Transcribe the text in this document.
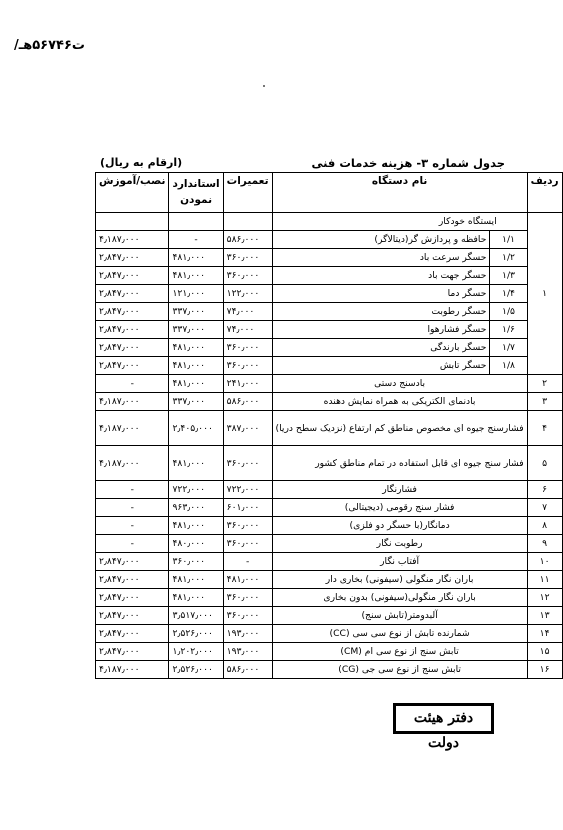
ت۵۶۷۴۶هـ/
جدول شماره ۳- هزینه خدمات فنی
(ارقام به ریال)
ردیف	نام دستگاه		تعمیرات	استاندارد نمودن	نصب/آموزش
۱	ایستگاه خودکار				
	۱/۱	حافظه و پردازش گر(دیتالاگر)	۵۸۶٫۰۰۰	-	۴٫۱۸۷٫۰۰۰
	۱/۲	حسگر سرعت باد	۳۶۰٫۰۰۰	۴۸۱٫۰۰۰	۲٫۸۴۷٫۰۰۰
	۱/۳	حسگر جهت باد	۳۶۰٫۰۰۰	۴۸۱٫۰۰۰	۲٫۸۴۷٫۰۰۰
	۱/۴	حسگر دما	۱۲۲٫۰۰۰	۱۲۱٫۰۰۰	۲٫۸۴۷٫۰۰۰
	۱/۵	حسگر رطوبت	۷۴٫۰۰۰	۳۳۷٫۰۰۰	۲٫۸۴۷٫۰۰۰
	۱/۶	حسگر فشارهوا	۷۴٫۰۰۰	۳۳۷٫۰۰۰	۲٫۸۴۷٫۰۰۰
	۱/۷	حسگر بارندگی	۳۶۰٫۰۰۰	۴۸۱٫۰۰۰	۲٫۸۴۷٫۰۰۰
	۱/۸	حسگر تابش	۳۶۰٫۰۰۰	۴۸۱٫۰۰۰	۲٫۸۴۷٫۰۰۰
۲	بادسنج دستی		۲۴۱٫۰۰۰	۴۸۱٫۰۰۰	-
۳	بادنمای الکتریکی به همراه نمایش دهنده		۵۸۶٫۰۰۰	۳۳۷٫۰۰۰	۴٫۱۸۷٫۰۰۰
۴	فشارسنج جیوه ای مخصوص مناطق کم ارتفاع (نزدیک سطح دریا)		۳۸۷٫۰۰۰	۲٫۴۰۵٫۰۰۰	۴٫۱۸۷٫۰۰۰
۵	فشار سنج جیوه ای قابل استفاده در تمام مناطق کشور		۳۶۰٫۰۰۰	۴۸۱٫۰۰۰	۴٫۱۸۷٫۰۰۰
۶	فشارنگار		۷۲۲٫۰۰۰	۷۲۲٫۰۰۰	-
۷	فشار سنج رقومی (دیجیتالی)		۶۰۱٫۰۰۰	۹۶۳٫۰۰۰	-
۸	دمانگار(با حسگر دو فلزی)		۳۶۰٫۰۰۰	۴۸۱٫۰۰۰	-
۹	رطوبت نگار		۳۶۰٫۰۰۰	۴۸۰٫۰۰۰	-
۱۰	آفتاب نگار		-	۳۶۰٫۰۰۰	۲٫۸۴۷٫۰۰۰
۱۱	باران نگار منگولی (سیفونی) بخاری دار		۴۸۱٫۰۰۰	۴۸۱٫۰۰۰	۲٫۸۴۷٫۰۰۰
۱۲	باران نگار منگولی(سیفونی) بدون بخاری		۳۶۰٫۰۰۰	۴۸۱٫۰۰۰	۲٫۸۴۷٫۰۰۰
۱۳	آلبدومتر(تابش سنج)		۳۶۰٫۰۰۰	۳٫۵۱۷٫۰۰۰	۲٫۸۴۷٫۰۰۰
۱۴	شمارنده تابش از نوع سی سی (CC)		۱۹۳٫۰۰۰	۲٫۵۲۶٫۰۰۰	۲٫۸۴۷٫۰۰۰
۱۵	تابش سنج از نوع سی ام (CM)		۱۹۳٫۰۰۰	۱٫۲۰۲٫۰۰۰	۲٫۸۴۷٫۰۰۰
۱۶	تابش سنج از نوع سی جی (CG)		۵۸۶٫۰۰۰	۲٫۵۲۶٫۰۰۰	۴٫۱۸۷٫۰۰۰
دفتر هیئت دولت
